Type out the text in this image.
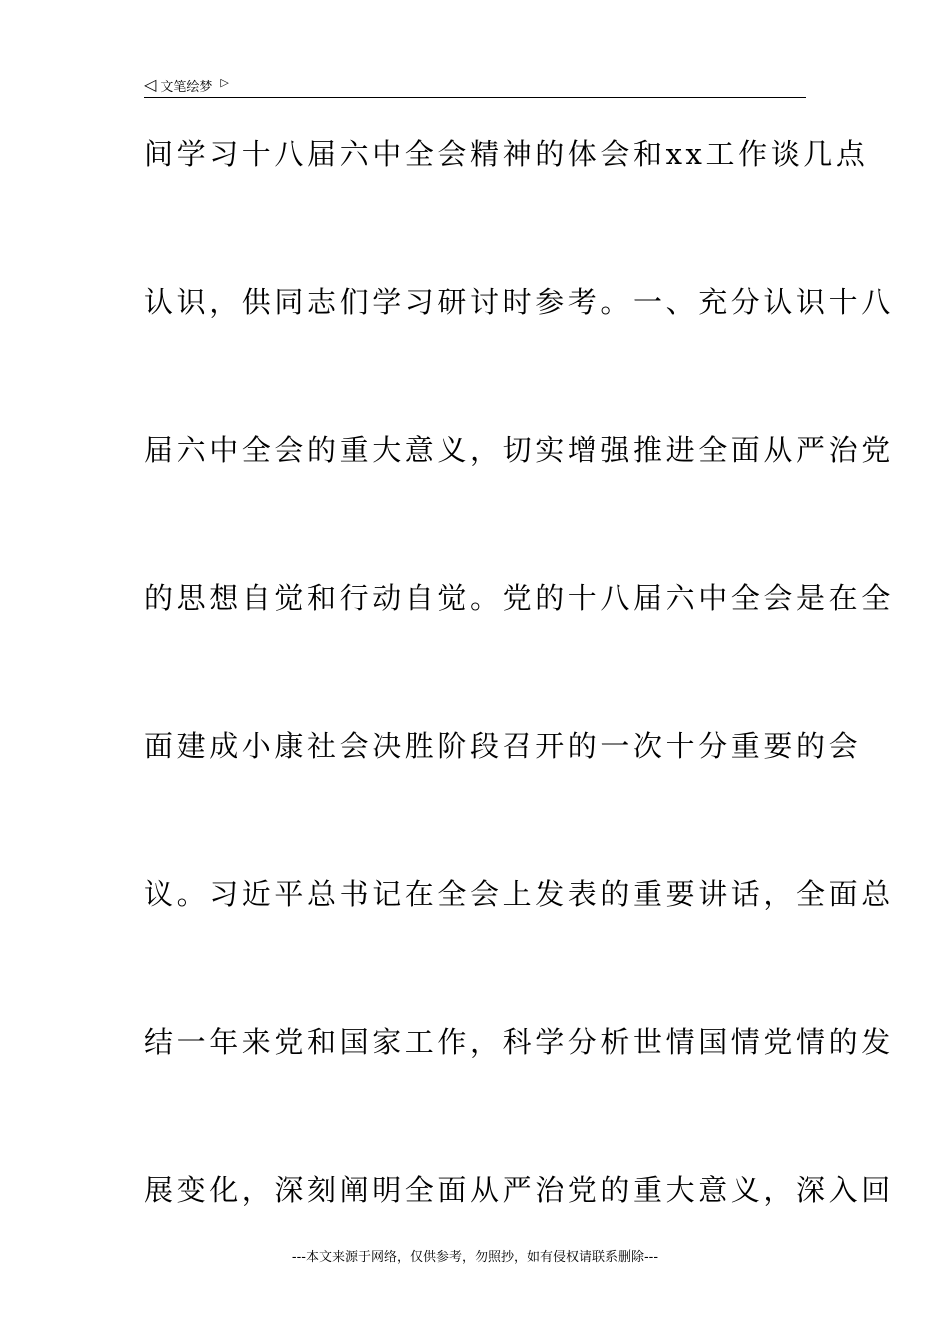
◁ 文笔绘梦 ▷
间学习十八届六中全会精神的体会和xx工作谈几点
认识，供同志们学习研讨时参考。一、充分认识十八
届六中全会的重大意义，切实增强推进全面从严治党
的思想自觉和行动自觉。党的十八届六中全会是在全
面建成小康社会决胜阶段召开的一次十分重要的会
议。习近平总书记在全会上发表的重要讲话，全面总
结一年来党和国家工作，科学分析世情国情党情的发
展变化，深刻阐明全面从严治党的重大意义，深入回
---本文来源于网络，仅供参考，勿照抄，如有侵权请联系删除---
